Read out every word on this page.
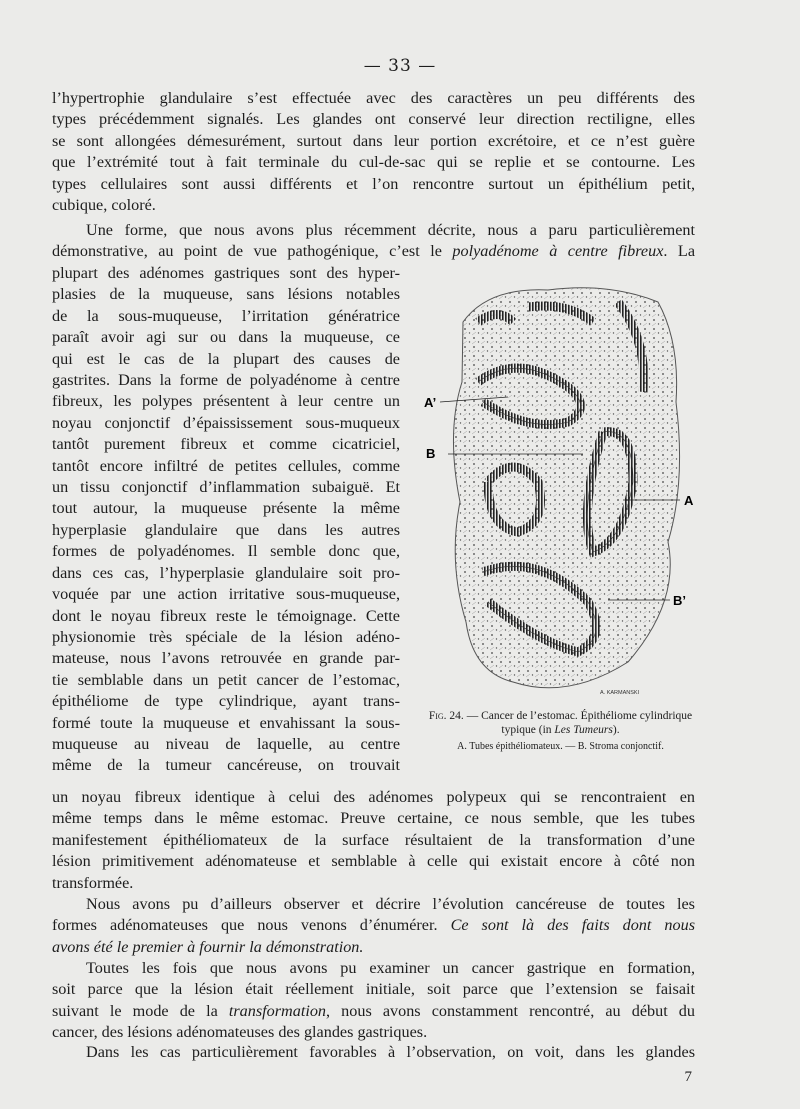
— 33 —
l’hypertrophie glandulaire s’est effectuée avec des caractères un peu différents des
types précédemment signalés. Les glandes ont conservé leur direction rectiligne, elles
se sont allongées démesurément, surtout dans leur portion excrétoire, et ce n’est guère
que l’extrémité tout à fait terminale du cul-de-sac qui se replie et se contourne. Les
types cellulaires sont aussi différents et l’on rencontre surtout un épithélium petit,
cubique, coloré.
Une forme, que nous avons plus récemment décrite, nous a paru particulièrement
démonstrative, au point de vue pathogénique, c’est le polyadénome à centre fibreux. La
plupart des adénomes gastriques sont des hyper-
plasies de la muqueuse, sans lésions notables
de la sous-muqueuse, l’irritation génératrice
paraît avoir agi sur ou dans la muqueuse, ce
qui est le cas de la plupart des causes de
gastrites. Dans la forme de polyadénome à centre
fibreux, les polypes présentent à leur centre un
noyau conjonctif d’épaississement sous-muqueux
tantôt purement fibreux et comme cicatriciel,
tantôt encore infiltré de petites cellules, comme
un tissu conjonctif d’inflammation subaiguë. Et
tout autour, la muqueuse présente la même
hyperplasie glandulaire que dans les autres
formes de polyadénomes. Il semble donc que,
dans ces cas, l’hyperplasie glandulaire soit pro-
voquée par une action irritative sous-muqueuse,
dont le noyau fibreux reste le témoignage. Cette
physionomie très spéciale de la lésion adéno-
mateuse, nous l’avons retrouvée en grande par-
tie semblable dans un petit cancer de l’estomac,
épithéliome de type cylindrique, ayant trans-
formé toute la muqueuse et envahissant la sous-
muqueuse au niveau de laquelle, au centre
même de la tumeur cancéreuse, on trouvait
A’
B
A
B’
A. KARMANSKI
Fig. 24. — Cancer de l’estomac. Épithéliome cylindrique typique (in Les Tumeurs).
A. Tubes épithéliomateux. — B. Stroma conjonctif.
un noyau fibreux identique à celui des adénomes polypeux qui se rencontraient en
même temps dans le même estomac. Preuve certaine, ce nous semble, que les tubes
manifestement épithéliomateux de la surface résultaient de la transformation d’une
lésion primitivement adénomateuse et semblable à celle qui existait encore à côté non
transformée.
Nous avons pu d’ailleurs observer et décrire l’évolution cancéreuse de toutes les
formes adénomateuses que nous venons d’énumérer. Ce sont là des faits dont nous
avons été le premier à fournir la démonstration.
Toutes les fois que nous avons pu examiner un cancer gastrique en formation,
soit parce que la lésion était réellement initiale, soit parce que l’extension se faisait
suivant le mode de la transformation, nous avons constamment rencontré, au début du
cancer, des lésions adénomateuses des glandes gastriques.
Dans les cas particulièrement favorables à l’observation, on voit, dans les glandes
7
